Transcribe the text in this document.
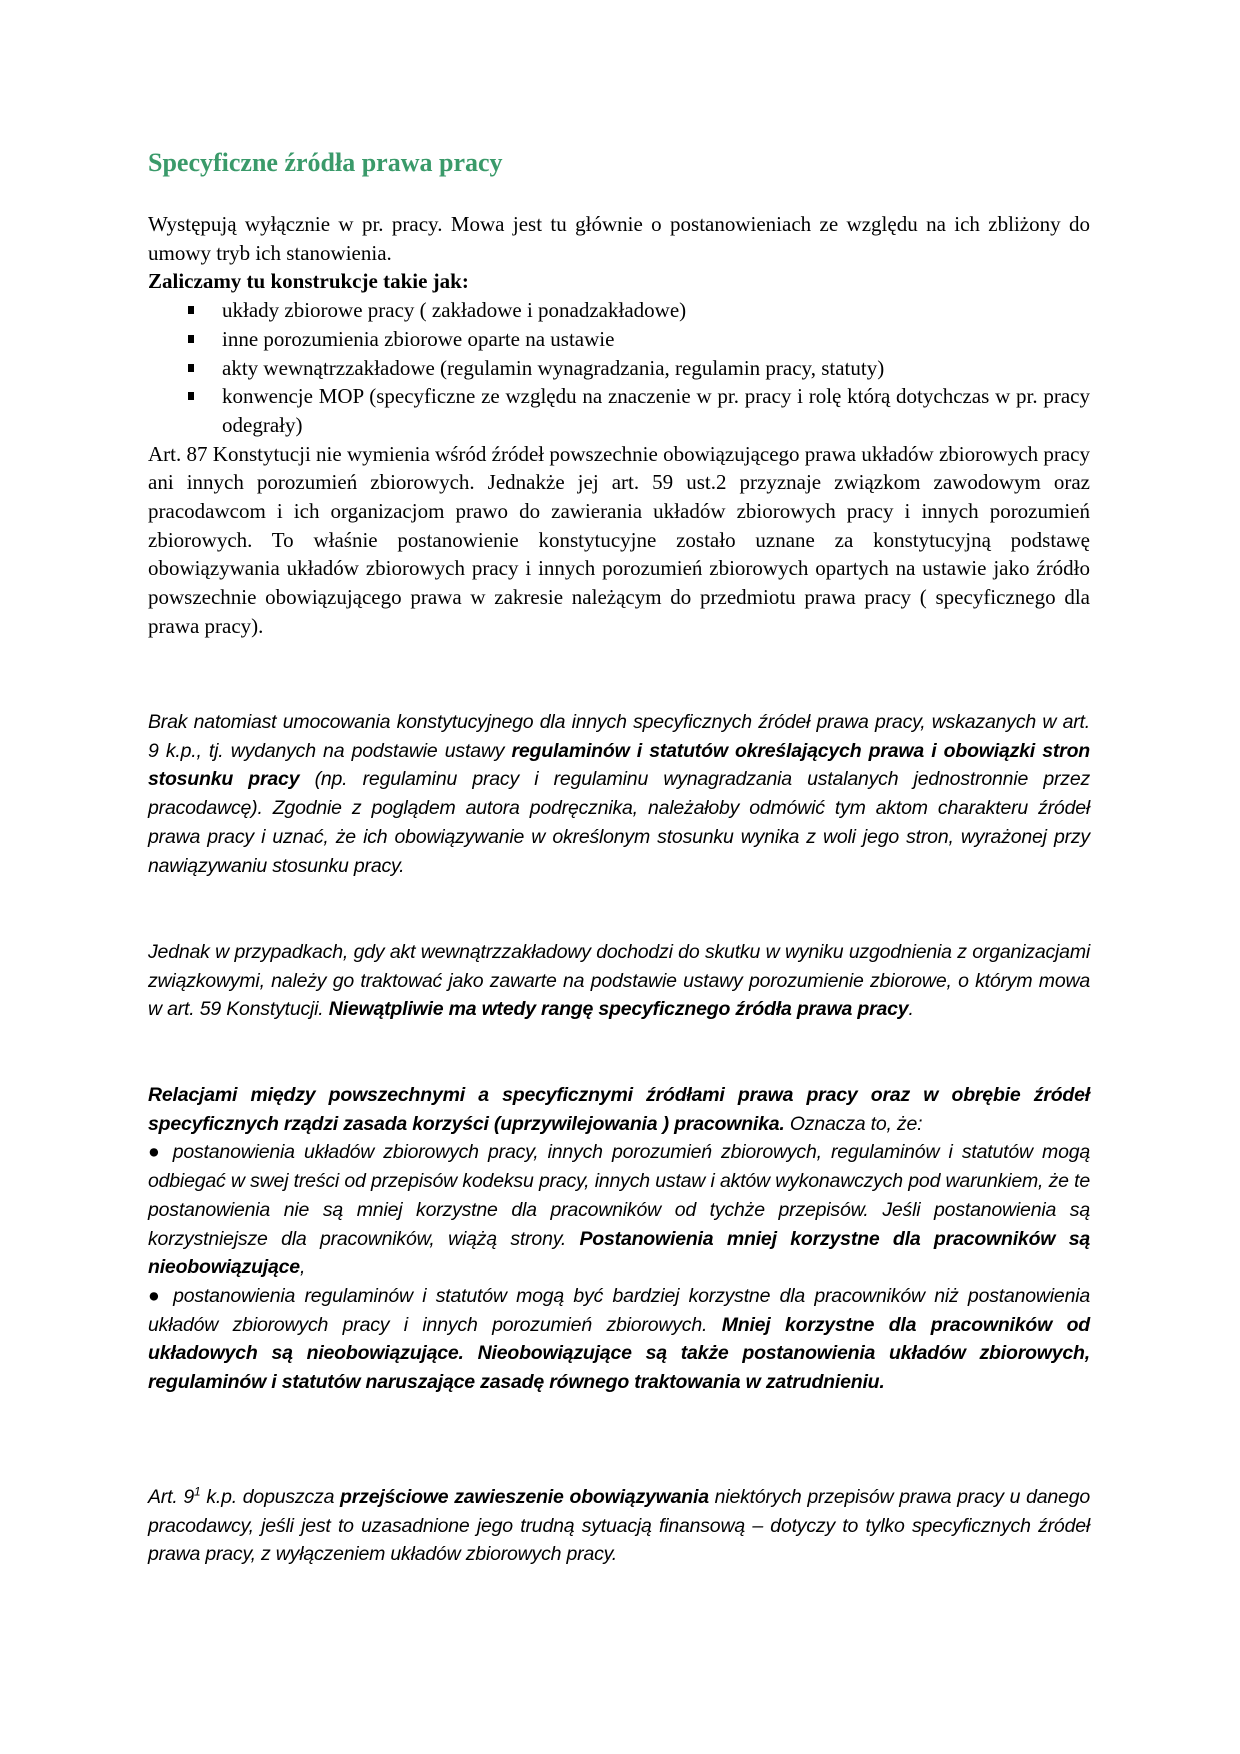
Specyficzne źródła prawa pracy
Występują wyłącznie w pr. pracy. Mowa jest tu głównie o postanowieniach ze względu na ich zbliżony do umowy tryb ich stanowienia.
Zaliczamy tu konstrukcje takie jak:
układy zbiorowe pracy ( zakładowe i ponadzakładowe)
inne porozumienia zbiorowe oparte na ustawie
akty wewnątrzzakładowe (regulamin wynagradzania, regulamin pracy, statuty)
konwencje MOP (specyficzne ze względu na znaczenie w pr. pracy i rolę którą dotychczas w pr. pracy odegrały)
Art. 87 Konstytucji nie wymienia wśród źródeł powszechnie obowiązującego prawa układów zbiorowych pracy ani innych porozumień zbiorowych. Jednakże jej art. 59 ust.2 przyznaje związkom zawodowym oraz pracodawcom i ich organizacjom prawo do zawierania układów zbiorowych pracy i innych porozumień zbiorowych. To właśnie postanowienie konstytucyjne zostało uznane za konstytucyjną podstawę obowiązywania układów zbiorowych pracy i innych porozumień zbiorowych opartych na ustawie jako źródło powszechnie obowiązującego prawa w zakresie należącym do przedmiotu prawa pracy ( specyficznego dla prawa pracy).
Brak natomiast umocowania konstytucyjnego dla innych specyficznych źródeł prawa pracy, wskazanych w art. 9 k.p., tj. wydanych na podstawie ustawy regulaminów i statutów określających prawa i obowiązki stron stosunku pracy (np. regulaminu pracy i regulaminu wynagradzania ustalanych jednostronnie przez pracodawcę). Zgodnie z poglądem autora podręcznika, należałoby odmówić tym aktom charakteru źródeł prawa pracy i uznać, że ich obowiązywanie w określonym stosunku wynika z woli jego stron, wyrażonej przy nawiązywaniu stosunku pracy.
Jednak w przypadkach, gdy akt wewnątrzzakładowy dochodzi do skutku w wyniku uzgodnienia z organizacjami związkowymi, należy go traktować jako zawarte na podstawie ustawy porozumienie zbiorowe, o którym mowa w art. 59 Konstytucji. Niewątpliwie ma wtedy rangę specyficznego źródła prawa pracy.
Relacjami między powszechnymi a specyficznymi źródłami prawa pracy oraz w obrębie źródeł specyficznych rządzi zasada korzyści (uprzywilejowania ) pracownika. Oznacza to, że:
● postanowienia układów zbiorowych pracy, innych porozumień zbiorowych, regulaminów i statutów mogą odbiegać w swej treści od przepisów kodeksu pracy, innych ustaw i aktów wykonawczych pod warunkiem, że te postanowienia nie są mniej korzystne dla pracowników od tychże przepisów. Jeśli postanowienia są korzystniejsze dla pracowników, wiążą strony. Postanowienia mniej korzystne dla pracowników są nieobowiązujące,
● postanowienia regulaminów i statutów mogą być bardziej korzystne dla pracowników niż postanowienia układów zbiorowych pracy i innych porozumień zbiorowych. Mniej korzystne dla pracowników od układowych są nieobowiązujące. Nieobowiązujące są także postanowienia układów zbiorowych, regulaminów i statutów naruszające zasadę równego traktowania w zatrudnieniu.
Art. $9^1$ k.p. dopuszcza przejściowe zawieszenie obowiązywania niektórych przepisów prawa pracy u danego pracodawcy, jeśli jest to uzasadnione jego trudną sytuacją finansową – dotyczy to tylko specyficznych źródeł prawa pracy, z wyłączeniem układów zbiorowych pracy.
